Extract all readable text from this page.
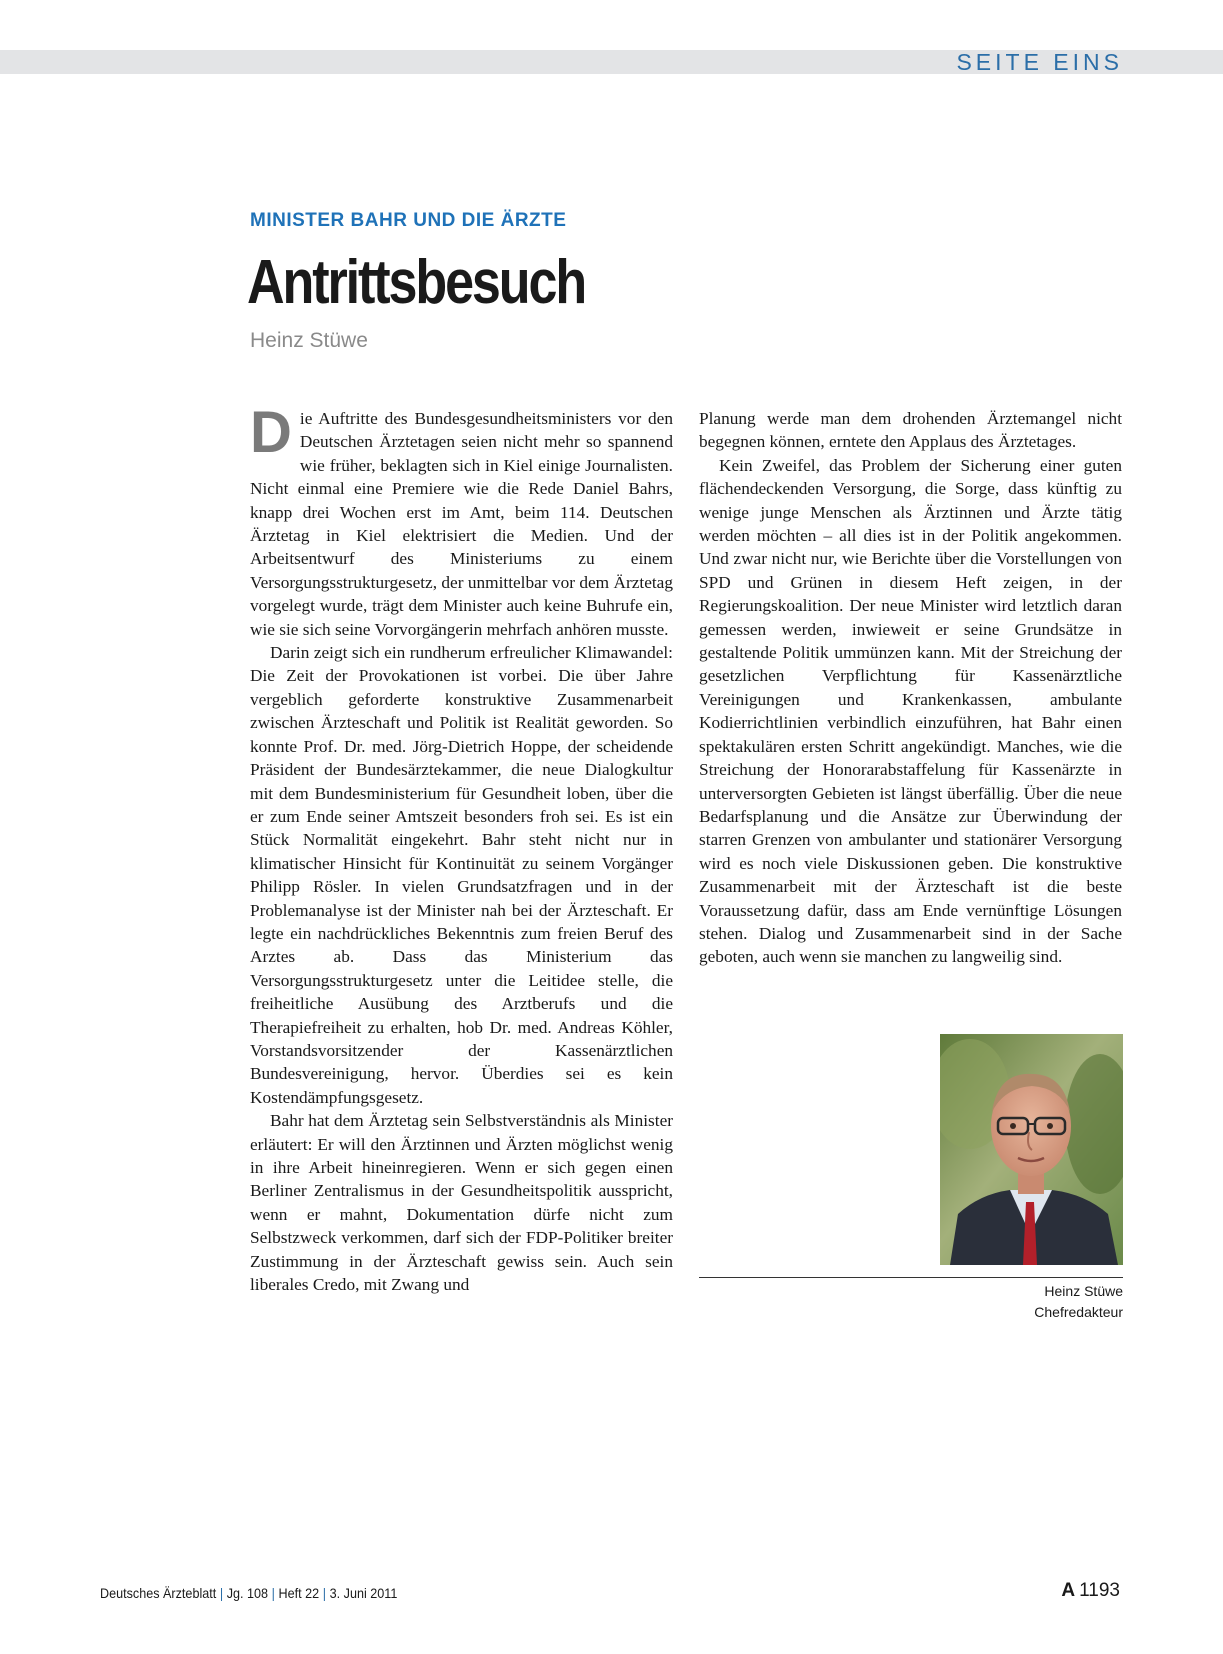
SEITE EINS
MINISTER BAHR UND DIE ÄRZTE
Antrittsbesuch
Heinz Stüwe

Die Auftritte des Bundesgesundheitsministers vor den Deutschen Ärztetagen seien nicht mehr so spannend wie früher, beklagten sich in Kiel einige Journalisten. Nicht einmal eine Premiere wie die Rede Daniel Bahrs, knapp drei Wochen erst im Amt, beim 114. Deutschen Ärztetag in Kiel elektrisiert die Medien. Und der Arbeitsentwurf des Ministeriums zu einem Versorgungsstrukturgesetz, der unmittelbar vor dem Ärztetag vorgelegt wurde, trägt dem Minister auch keine Buhrufe ein, wie sie sich seine Vorvorgängerin mehrfach anhören musste.

Darin zeigt sich ein rundherum erfreulicher Klimawandel: Die Zeit der Provokationen ist vorbei. Die über Jahre vergeblich geforderte konstruktive Zusammenarbeit zwischen Ärzteschaft und Politik ist Realität geworden. So konnte Prof. Dr. med. Jörg-Dietrich Hoppe, der scheidende Präsident der Bundesärztekammer, die neue Dialogkultur mit dem Bundesministerium für Gesundheit loben, über die er zum Ende seiner Amtszeit besonders froh sei. Es ist ein Stück Normalität eingekehrt. Bahr steht nicht nur in klimatischer Hinsicht für Kontinuität zu seinem Vorgänger Philipp Rösler. In vielen Grundsatzfragen und in der Problemanalyse ist der Minister nah bei der Ärzteschaft. Er legte ein nachdrückliches Bekenntnis zum freien Beruf des Arztes ab. Dass das Ministerium das Versorgungsstrukturgesetz unter die Leitidee stelle, die freiheitliche Ausübung des Arztberufs und die Therapiefreiheit zu erhalten, hob Dr. med. Andreas Köhler, Vorstandsvorsitzender der Kassenärztlichen Bundesvereinigung, hervor. Überdies sei es kein Kostendämpfungsgesetz.

Bahr hat dem Ärztetag sein Selbstverständnis als Minister erläutert: Er will den Ärztinnen und Ärzten möglichst wenig in ihre Arbeit hineinregieren. Wenn er sich gegen einen Berliner Zentralismus in der Gesundheitspolitik ausspricht, wenn er mahnt, Dokumentation dürfe nicht zum Selbstzweck verkommen, darf sich der FDP-Politiker breiter Zustimmung in der Ärzteschaft gewiss sein. Auch sein liberales Credo, mit Zwang und

Planung werde man dem drohenden Ärztemangel nicht begegnen können, erntete den Applaus des Ärztetages.

Kein Zweifel, das Problem der Sicherung einer guten flächendeckenden Versorgung, die Sorge, dass künftig zu wenige junge Menschen als Ärztinnen und Ärzte tätig werden möchten – all dies ist in der Politik angekommen. Und zwar nicht nur, wie Berichte über die Vorstellungen von SPD und Grünen in diesem Heft zeigen, in der Regierungskoalition. Der neue Minister wird letztlich daran gemessen werden, inwieweit er seine Grundsätze in gestaltende Politik ummünzen kann. Mit der Streichung der gesetzlichen Verpflichtung für Kassenärztliche Vereinigungen und Krankenkassen, ambulante Kodierrichtlinien verbindlich einzuführen, hat Bahr einen spektakulären ersten Schritt angekündigt. Manches, wie die Streichung der Honorarabstaffelung für Kassenärzte in unterversorgten Gebieten ist längst überfällig. Über die neue Bedarfsplanung und die Ansätze zur Überwindung der starren Grenzen von ambulanter und stationärer Versorgung wird es noch viele Diskussionen geben. Die konstruktive Zusammenarbeit mit der Ärzteschaft ist die beste Voraussetzung dafür, dass am Ende vernünftige Lösungen stehen. Dialog und Zusammenarbeit sind in der Sache geboten, auch wenn sie manchen zu langweilig sind.

Heinz Stüwe
Chefredakteur
Deutsches Ärzteblatt | Jg. 108 | Heft 22 | 3. Juni 2011	A 1193
